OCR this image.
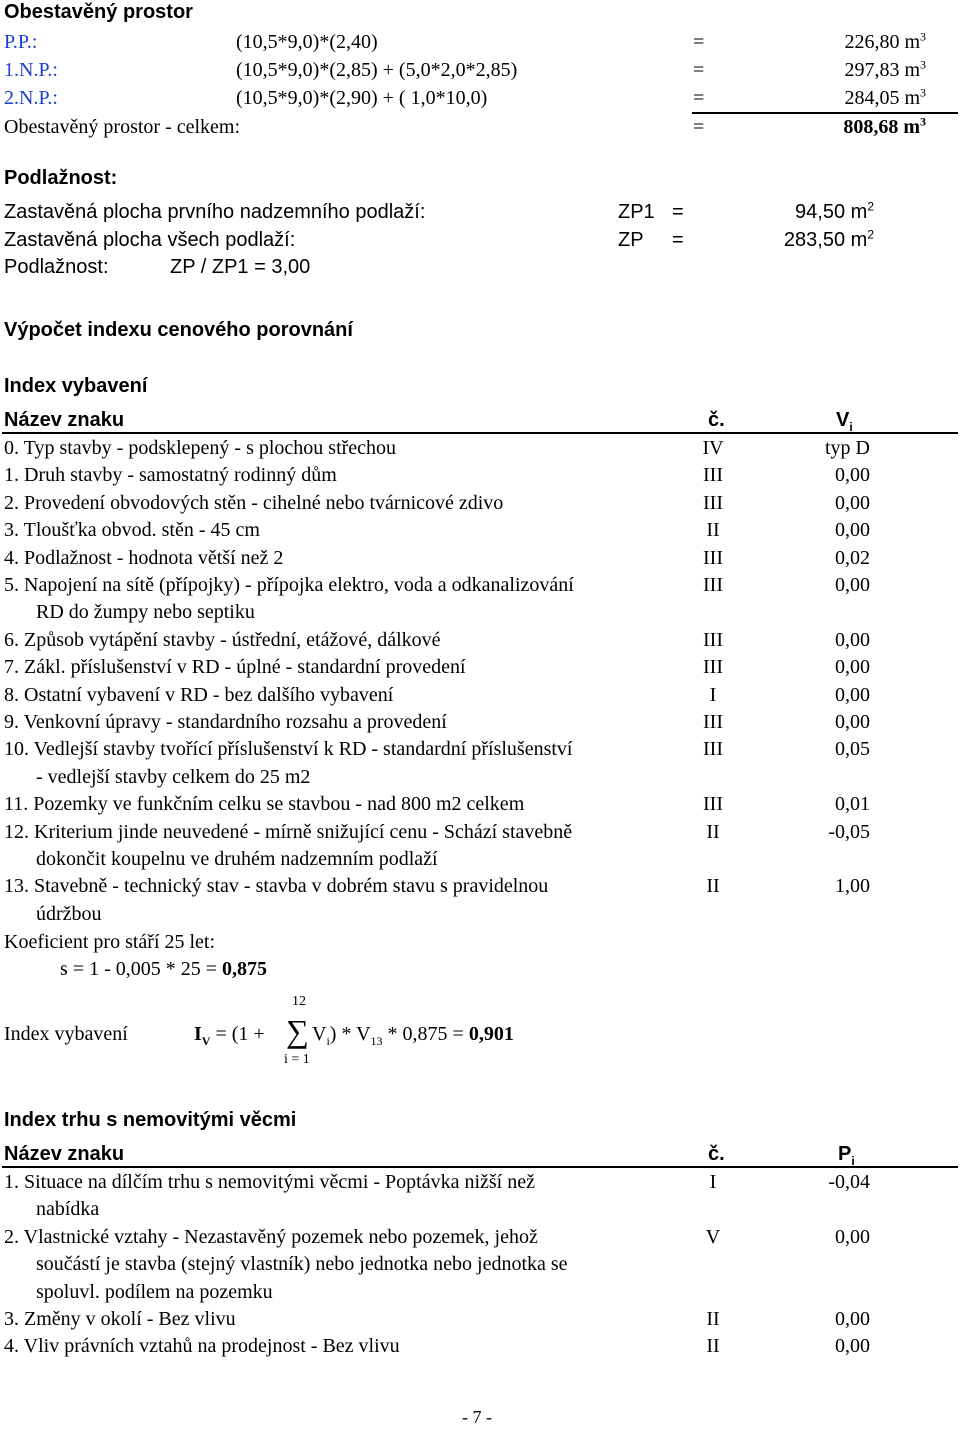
Obestavěný prostor
P.P.:	(10,5*9,0)*(2,40)	=	226,80 $m^3$
1.N.P.:	(10,5*9,0)*(2,85) + (5,0*2,0*2,85)	=	297,83 $m^3$
2.N.P.:	(10,5*9,0)*(2,90) + ( 1,0*10,0)	=	284,05 $m^3$
Obestavěný prostor - celkem:	=	808,68 $m^3$
Podlažnost:
Zastavěná plocha prvního nadzemního podlaží:	ZP1 =	94,50 $m^2$
Zastavěná plocha všech podlaží:	ZP =	283,50 $m^2$
Podlažnost:	ZP / ZP1 = 3,00
Výpočet indexu cenového porovnání
Index vybavení
Název znaku	č.	$V_i$
0. Typ stavby - podsklepený - s plochou střechou	IV	typ D
1. Druh stavby - samostatný rodinný dům	III	0,00
2. Provedení obvodových stěn - cihelné nebo tvárnicové zdivo	III	0,00
3. Tloušťka obvod. stěn - 45 cm	II	0,00
4. Podlažnost - hodnota větší než 2	III	0,02
5. Napojení na sítě (přípojky) - přípojka elektro, voda a odkanalizování	III	0,00
RD do žumpy nebo septiku
6. Způsob vytápění stavby - ústřední, etážové, dálkové	III	0,00
7. Zákl. příslušenství v RD - úplné - standardní provedení	III	0,00
8. Ostatní vybavení v RD - bez dalšího vybavení	I	0,00
9. Venkovní úpravy - standardního rozsahu a provedení	III	0,00
10. Vedlejší stavby tvořící příslušenství k RD - standardní příslušenství	III	0,05
- vedlejší stavby celkem do 25 m2
11. Pozemky ve funkčním celku se stavbou - nad 800 m2 celkem	III	0,01
12. Kriterium jinde neuvedené - mírně snižující cenu - Schází stavebně	II	-0,05
dokončit koupelnu ve druhém nadzemním podlaží
13. Stavebně - technický stav - stavba v dobrém stavu s pravidelnou	II	1,00
údržbou
Koeficient pro stáří 25 let:
s = 1 - 0,005 * 25 = 0,875
12
Index vybavení	$I_V = (1$ + ∑ $V_i) * V_{13} * 0,875 = 0,901$
i = 1
Index trhu s nemovitými věcmi
Název znaku	č.	$P_i$
1. Situace na dílčím trhu s nemovitými věcmi - Poptávka nižší než	I	-0,04
nabídka
2. Vlastnické vztahy - Nezastavěný pozemek nebo pozemek, jehož	V	0,00
součástí je stavba (stejný vlastník) nebo jednotka nebo jednotka se
spoluvl. podílem na pozemku
3. Změny v okolí - Bez vlivu	II	0,00
4. Vliv právních vztahů na prodejnost - Bez vlivu	II	0,00
- 7 -
